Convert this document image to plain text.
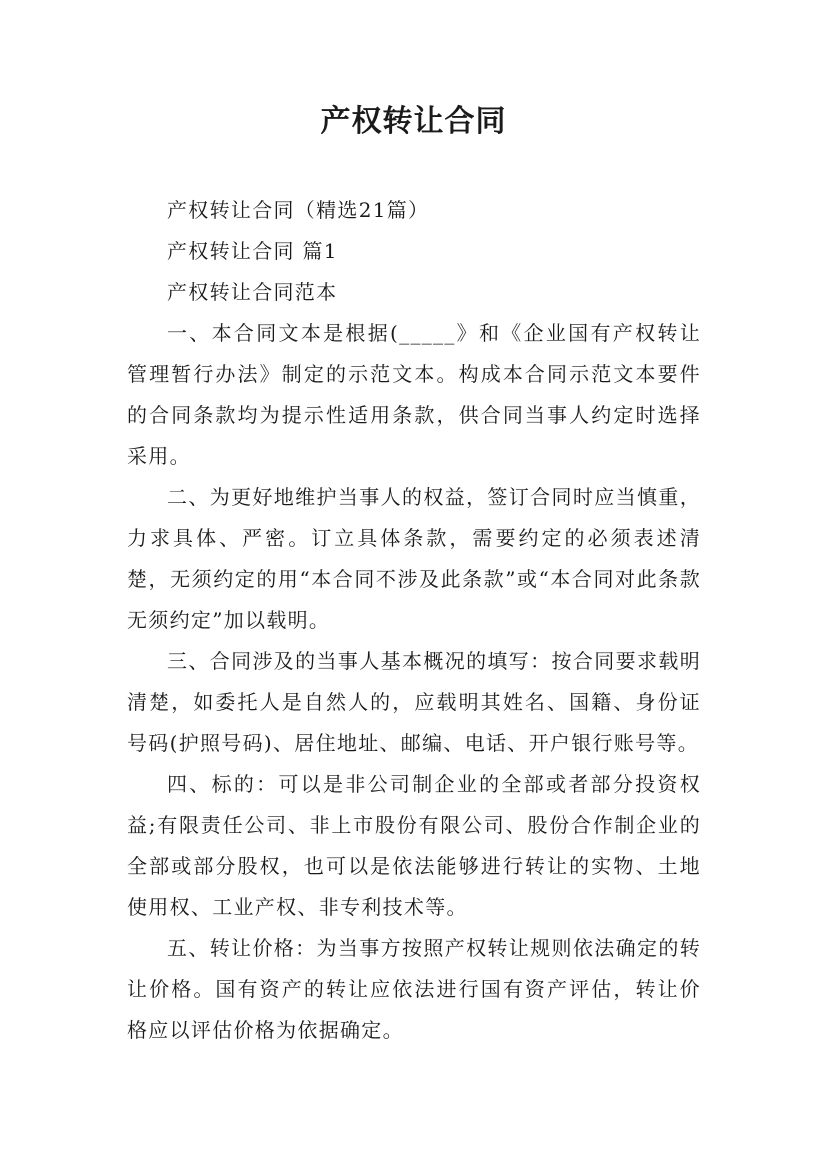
产权转让合同

产权转让合同（精选21篇）

产权转让合同 篇1

产权转让合同范本

一、本合同文本是根据(_____》和《企业国有产权转让管理暂行办法》制定的示范文本。构成本合同示范文本要件的合同条款均为提示性适用条款，供合同当事人约定时选择采用。

二、为更好地维护当事人的权益，签订合同时应当慎重，力求具体、严密。订立具体条款，需要约定的必须表述清楚，无须约定的用“本合同不涉及此条款”或“本合同对此条款无须约定”加以载明。

三、合同涉及的当事人基本概况的填写：按合同要求载明清楚，如委托人是自然人的，应载明其姓名、国籍、身份证号码(护照号码)、居住地址、邮编、电话、开户银行账号等。

四、标的：可以是非公司制企业的全部或者部分投资权益;有限责任公司、非上市股份有限公司、股份合作制企业的全部或部分股权，也可以是依法能够进行转让的实物、土地使用权、工业产权、非专利技术等。

五、转让价格：为当事方按照产权转让规则依法确定的转让价格。国有资产的转让应依法进行国有资产评估，转让价格应以评估价格为依据确定。
